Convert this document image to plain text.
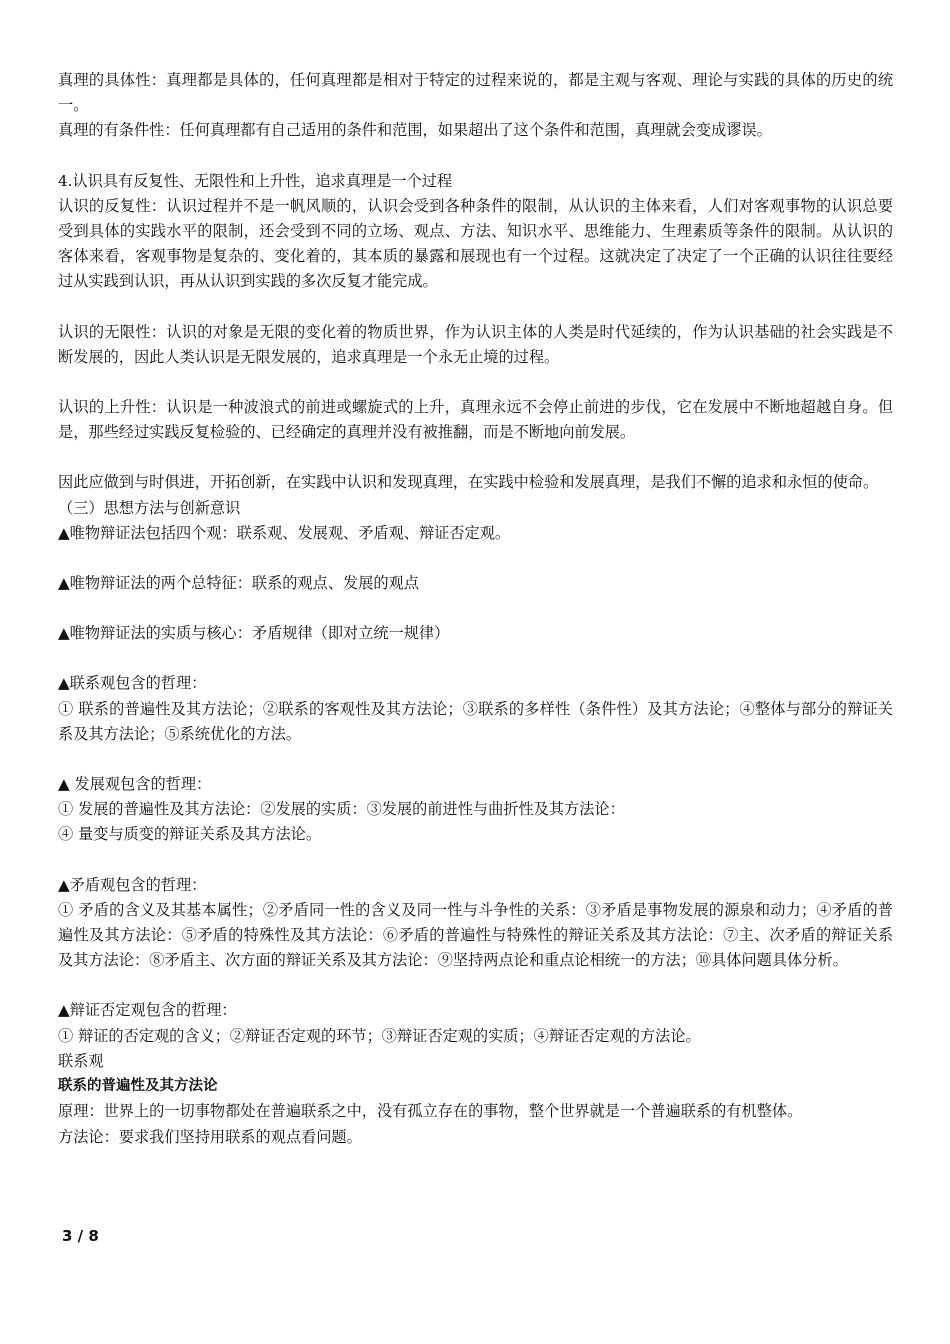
真理的具体性：真理都是具体的，任何真理都是相对于特定的过程来说的，都是主观与客观、理论与实践的具体的历史的统一。

真理的有条件性：任何真理都有自己适用的条件和范围，如果超出了这个条件和范围，真理就会变成谬误。

4.认识具有反复性、无限性和上升性，追求真理是一个过程

认识的反复性：认识过程并不是一帆风顺的，认识会受到各种条件的限制，从认识的主体来看，人们对客观事物的认识总要受到具体的实践水平的限制，还会受到不同的立场、观点、方法、知识水平、思维能力、生理素质等条件的限制。从认识的客体来看，客观事物是复杂的、变化着的，其本质的暴露和展现也有一个过程。这就决定了决定了一个正确的认识往往要经过从实践到认识，再从认识到实践的多次反复才能完成。

认识的无限性：认识的对象是无限的变化着的物质世界，作为认识主体的人类是时代延续的，作为认识基础的社会实践是不断发展的，因此人类认识是无限发展的，追求真理是一个永无止境的过程。

认识的上升性：认识是一种波浪式的前进或螺旋式的上升，真理永远不会停止前进的步伐，它在发展中不断地超越自身。但是，那些经过实践反复检验的、已经确定的真理并没有被推翻，而是不断地向前发展。

因此应做到与时俱进，开拓创新，在实践中认识和发现真理，在实践中检验和发展真理，是我们不懈的追求和永恒的使命。

（三）思想方法与创新意识

▲唯物辩证法包括四个观：联系观、发展观、矛盾观、辩证否定观。

▲唯物辩证法的两个总特征：联系的观点、发展的观点

▲唯物辩证法的实质与核心：矛盾规律（即对立统一规律）

▲联系观包含的哲理：

① 联系的普遍性及其方法论；②联系的客观性及其方法论；③联系的多样性（条件性）及其方法论；④整体与部分的辩证关系及其方法论；⑤系统优化的方法。

▲ 发展观包含的哲理：

① 发展的普遍性及其方法论：②发展的实质：③发展的前进性与曲折性及其方法论：

④ 量变与质变的辩证关系及其方法论。

▲矛盾观包含的哲理：

① 矛盾的含义及其基本属性；②矛盾同一性的含义及同一性与斗争性的关系：③矛盾是事物发展的源泉和动力；④矛盾的普遍性及其方法论：⑤矛盾的特殊性及其方法论：⑥矛盾的普遍性与特殊性的辩证关系及其方法论：⑦主、次矛盾的辩证关系及其方法论：⑧矛盾主、次方面的辩证关系及其方法论：⑨坚持两点论和重点论相统一的方法；⑩具体问题具体分析。

▲辩证否定观包含的哲理：

① 辩证的否定观的含义；②辩证否定观的环节；③辩证否定观的实质；④辩证否定观的方法论。

联系观

联系的普遍性及其方法论

原理：世界上的一切事物都处在普遍联系之中，没有孤立存在的事物，整个世界就是一个普遍联系的有机整体。

方法论：要求我们坚持用联系的观点看问题。

3 / 8
